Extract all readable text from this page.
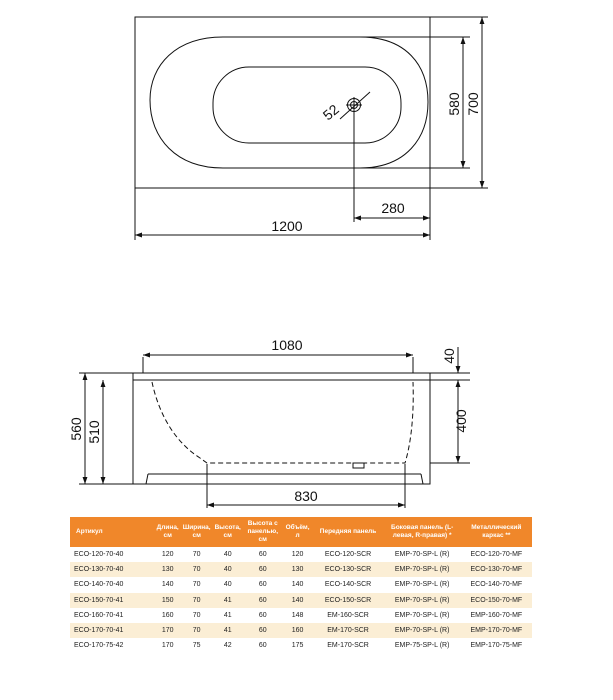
580 700
52
280
1200
1080
40
400
560 510
830
Артикул	Длина, см	Ширина, см	Высота, см	Высота с панелью, см	Объём, л	Передняя панель	Боковая панель (L-левая, R-правая) *	Металлический каркас **
ECO-120-70-40	120	70	40	60	120	ECO-120-SCR	EMP-70-SP-L (R)	ECO-120-70-MF
ECO-130-70-40	130	70	40	60	130	ECO-130-SCR	EMP-70-SP-L (R)	ECO-130-70-MF
ECO-140-70-40	140	70	40	60	140	ECO-140-SCR	EMP-70-SP-L (R)	ECO-140-70-MF
ECO-150-70-41	150	70	41	60	140	ECO-150-SCR	EMP-70-SP-L (R)	ECO-150-70-MF
ECO-160-70-41	160	70	41	60	148	EM-160-SCR	EMP-70-SP-L (R)	EMP-160-70-MF
ECO-170-70-41	170	70	41	60	160	EM-170-SCR	EMP-70-SP-L (R)	EMP-170-70-MF
ECO-170-75-42	170	75	42	60	175	EM-170-SCR	EMP-75-SP-L (R)	EMP-170-75-MF
